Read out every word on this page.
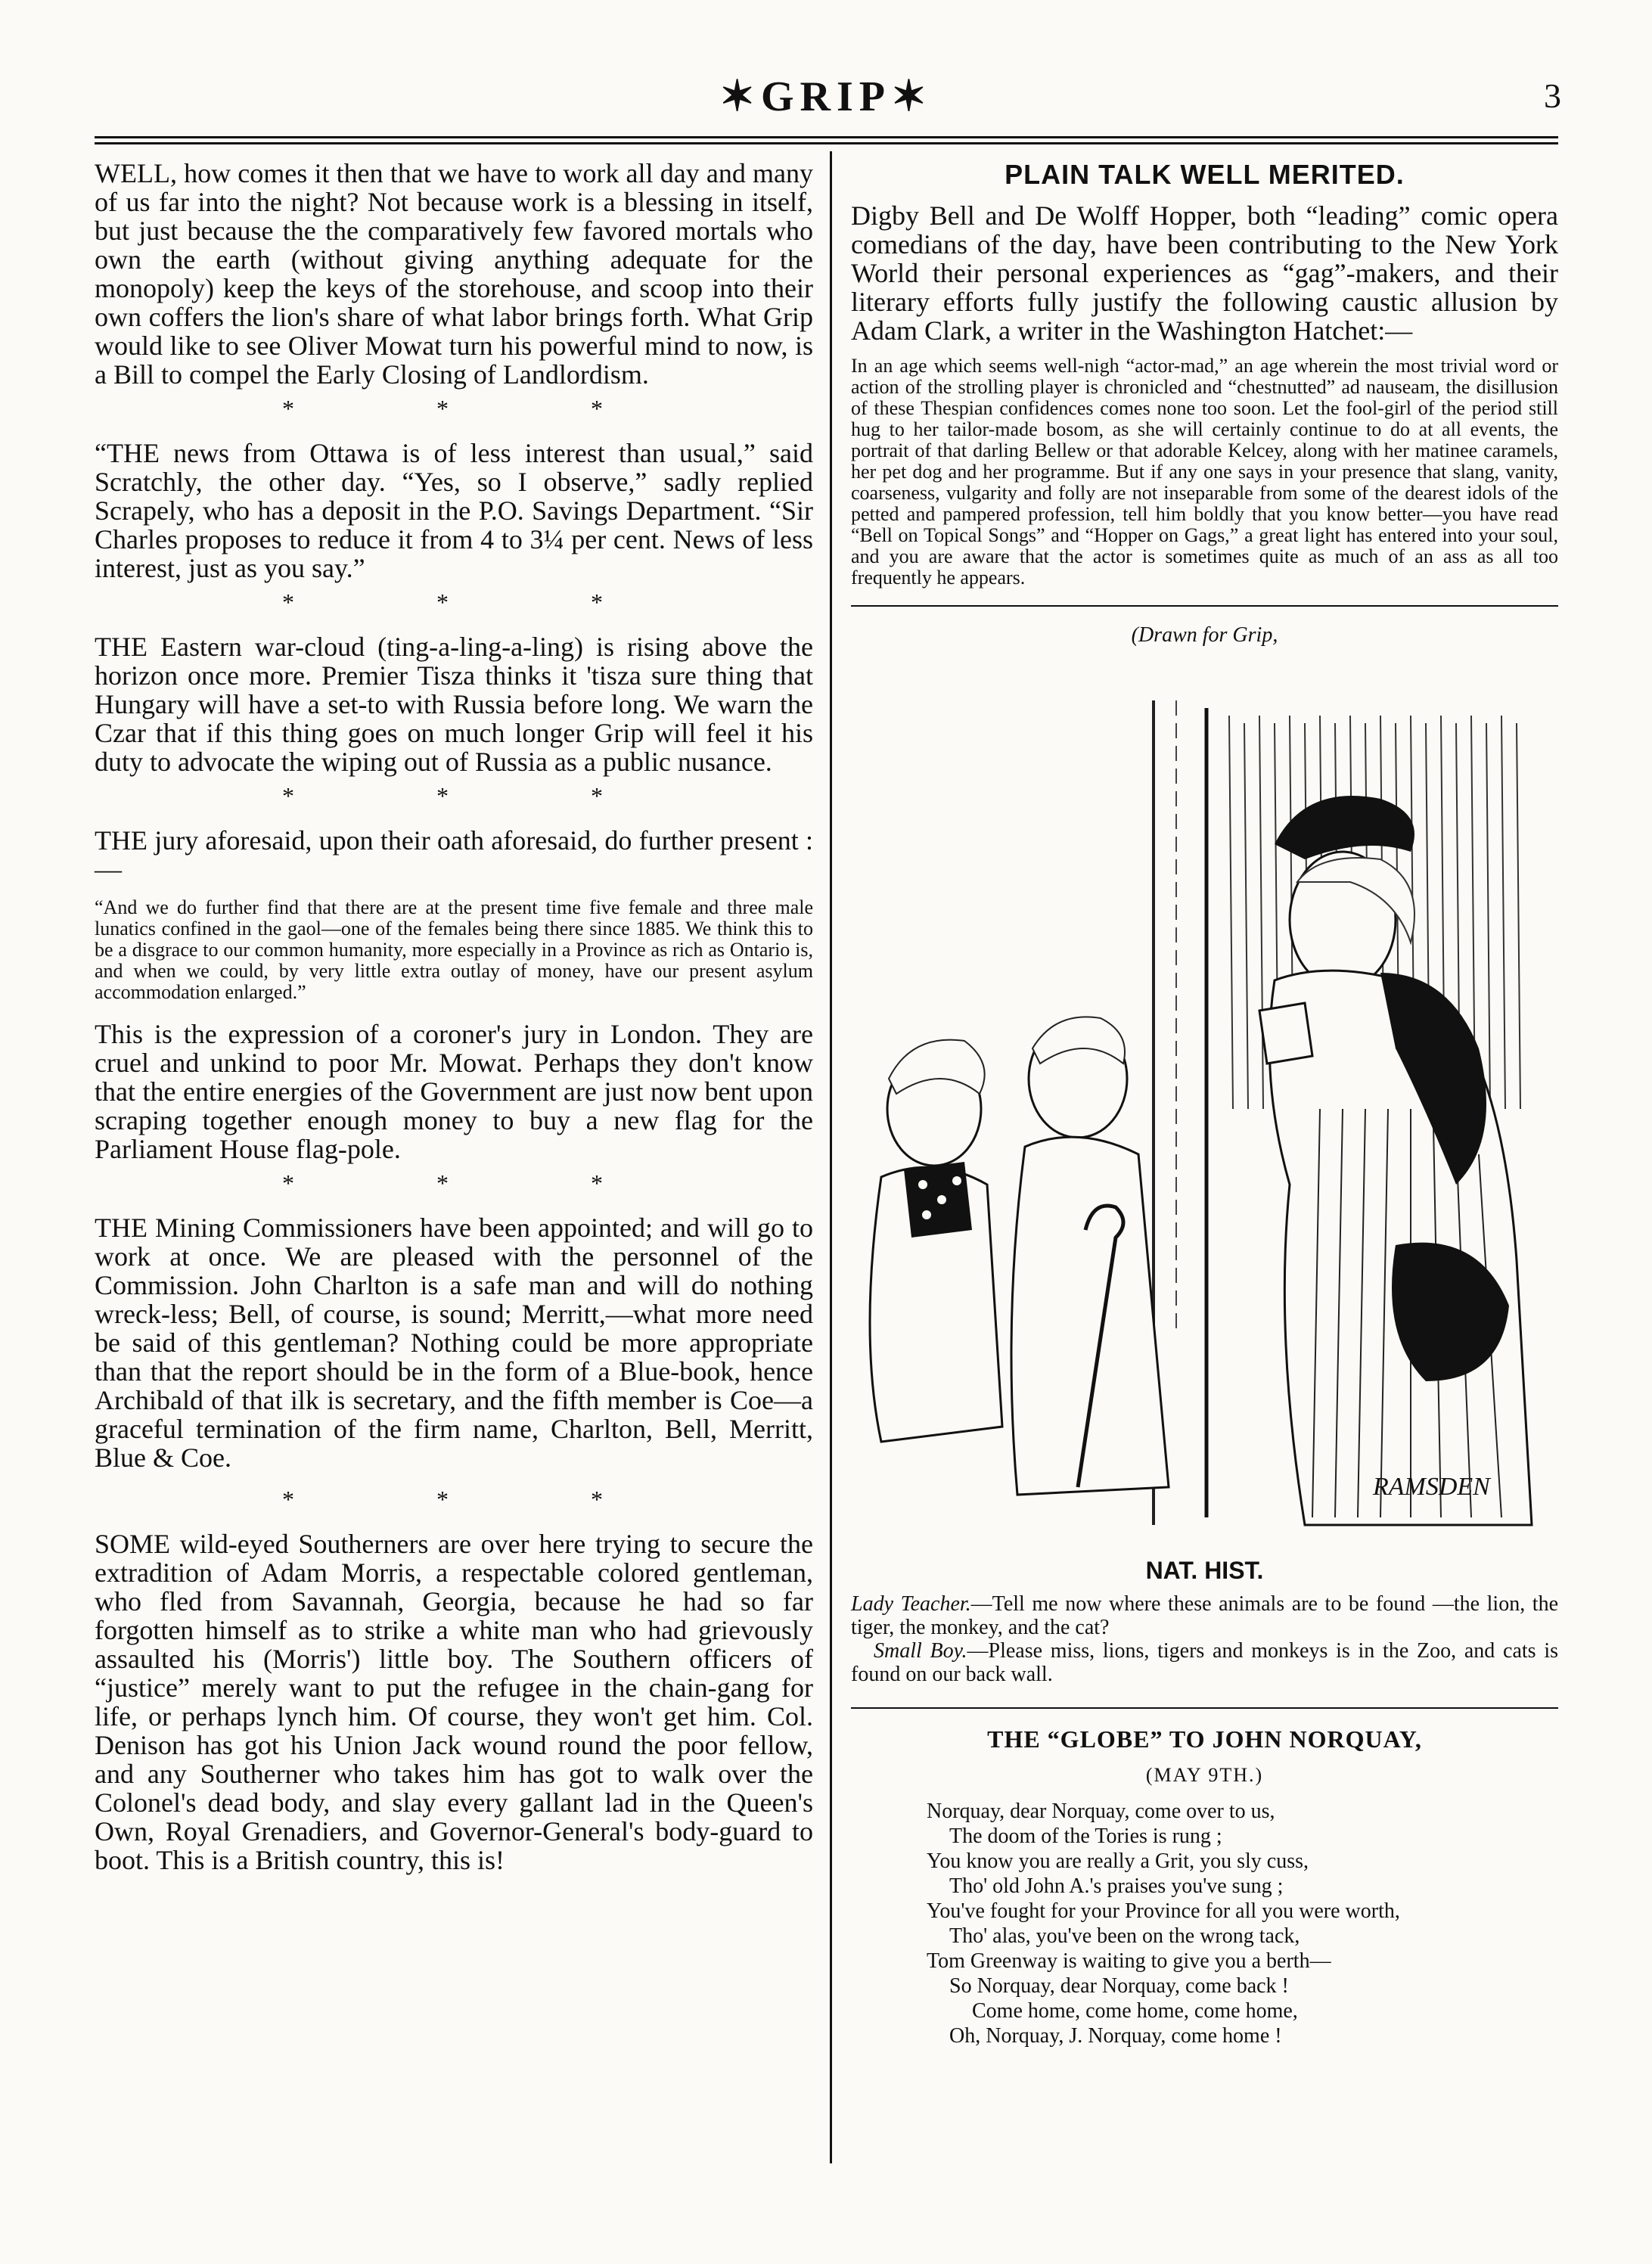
✶GRIP✶	3

WELL, how comes it then that we have to work all day and many of us far into the night? Not because work is a blessing in itself, but just because the the comparatively few favored mortals who own the earth (without giving anything adequate for the monopoly) keep the keys of the storehouse, and scoop into their own coffers the lion's share of what labor brings forth. What Grip would like to see Oliver Mowat turn his powerful mind to now, is a Bill to compel the Early Closing of Landlordism.

* * *

“THE news from Ottawa is of less interest than usual,” said Scratchly, the other day. “Yes, so I observe,” sadly replied Scrapely, who has a deposit in the P.O. Savings Department. “Sir Charles proposes to reduce it from 4 to 3¼ per cent. News of less interest, just as you say.”

* * *

THE Eastern war-cloud (ting-a-ling-a-ling) is rising above the horizon once more. Premier Tisza thinks it 'tisza sure thing that Hungary will have a set-to with Russia before long. We warn the Czar that if this thing goes on much longer Grip will feel it his duty to advocate the wiping out of Russia as a public nusance.

* * *

THE jury aforesaid, upon their oath aforesaid, do further present :—

“And we do further find that there are at the present time five female and three male lunatics confined in the gaol—one of the females being there since 1885. We think this to be a disgrace to our common humanity, more especially in a Province as rich as Ontario is, and when we could, by very little extra outlay of money, have our present asylum accommodation enlarged.”

This is the expression of a coroner's jury in London. They are cruel and unkind to poor Mr. Mowat. Perhaps they don't know that the entire energies of the Government are just now bent upon scraping together enough money to buy a new flag for the Parliament House flag-pole.

* * *

THE Mining Commissioners have been appointed; and will go to work at once. We are pleased with the personnel of the Commission. John Charlton is a safe man and will do nothing wreck-less; Bell, of course, is sound; Merritt,—what more need be said of this gentleman? Nothing could be more appropriate than that the report should be in the form of a Blue-book, hence Archibald of that ilk is secretary, and the fifth member is Coe—a graceful termination of the firm name, Charlton, Bell, Merritt, Blue & Coe.

* * *

SOME wild-eyed Southerners are over here trying to secure the extradition of Adam Morris, a respectable colored gentleman, who fled from Savannah, Georgia, because he had so far forgotten himself as to strike a white man who had grievously assaulted his (Morris') little boy. The Southern officers of “justice” merely want to put the refugee in the chain-gang for life, or perhaps lynch him. Of course, they won't get him. Col. Denison has got his Union Jack wound round the poor fellow, and any Southerner who takes him has got to walk over the Colonel's dead body, and slay every gallant lad in the Queen's Own, Royal Grenadiers, and Governor-General's body-guard to boot. This is a British country, this is!

PLAIN TALK WELL MERITED.

Digby Bell and De Wolff Hopper, both “leading” comic opera comedians of the day, have been contributing to the New York World their personal experiences as “gag”-makers, and their literary efforts fully justify the following caustic allusion by Adam Clark, a writer in the Washington Hatchet:—

In an age which seems well-nigh “actor-mad,” an age wherein the most trivial word or action of the strolling player is chronicled and “chestnutted” ad nauseam, the disillusion of these Thespian confidences comes none too soon. Let the fool-girl of the period still hug to her tailor-made bosom, as she will certainly continue to do at all events, the portrait of that darling Bellew or that adorable Kelcey, along with her matinee caramels, her pet dog and her programme. But if any one says in your presence that slang, vanity, coarseness, vulgarity and folly are not inseparable from some of the dearest idols of the petted and pampered profession, tell him boldly that you know better—you have read “Bell on Topical Songs” and “Hopper on Gags,” a great light has entered into your soul, and you are aware that the actor is sometimes quite as much of an ass as all too frequently he appears.

(Drawn for Grip,
RAMSDEN
NAT. HIST.

Lady Teacher.—Tell me now where these animals are to be found —the lion, the tiger, the monkey, and the cat?

Small Boy.—Please miss, lions, tigers and monkeys is in the Zoo, and cats is found on our back wall.

THE “GLOBE” TO JOHN NORQUAY,
(MAY 9TH.)
Norquay, dear Norquay, come over to us,
The doom of the Tories is rung ;
You know you are really a Grit, you sly cuss,
Tho' old John A.'s praises you've sung ;
You've fought for your Province for all you were worth,
Tho' alas, you've been on the wrong tack,
Tom Greenway is waiting to give you a berth—
So Norquay, dear Norquay, come back !
Come home, come home, come home,
Oh, Norquay, J. Norquay, come home !
